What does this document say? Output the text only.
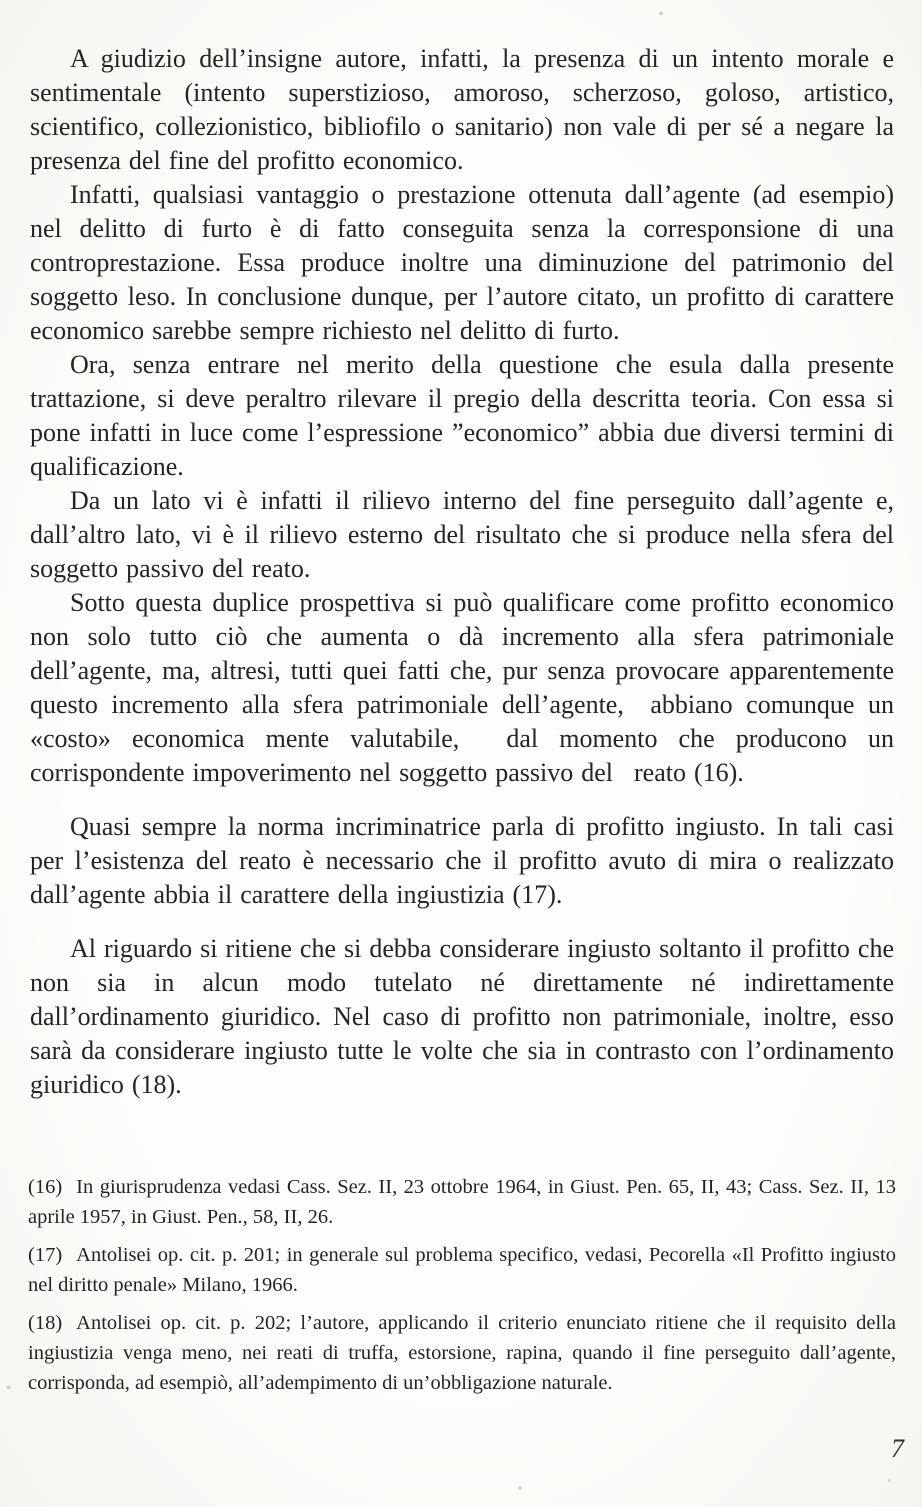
A giudizio dell’insigne autore, infatti, la presenza di un intento morale e sentimentale (intento superstizioso, amoroso, scherzoso, goloso, artistico, scientifico, collezionistico, bibliofilo o sanitario) non vale di per sé a negare la presenza del fine del profitto economico.

Infatti, qualsiasi vantaggio o prestazione ottenuta dall’agente (ad esempio) nel delitto di furto è di fatto conseguita senza la corresponsione di una controprestazione. Essa produce inoltre una diminuzione del patrimonio del soggetto leso. In conclusione dunque, per l’autore citato, un profitto di carattere economico sarebbe sempre richiesto nel delitto di furto.

Ora, senza entrare nel merito della questione che esula dalla presente trattazione, si deve peraltro rilevare il pregio della descritta teoria. Con essa si pone infatti in luce come l’espressione ”economico” abbia due diversi termini di qualificazione.

Da un lato vi è infatti il rilievo interno del fine perseguito dall’agente e, dall’altro lato, vi è il rilievo esterno del risultato che si produce nella sfera del soggetto passivo del reato.

Sotto questa duplice prospettiva si può qualificare come profitto economico non solo tutto ciò che aumenta o dà incremento alla sfera patrimoniale dell’agente, ma, altresi, tutti quei fatti che, pur senza provocare apparentemente questo incremento alla sfera patrimoniale dell’agente,  abbiano comunque un «costo» economica mente valutabile,  dal momento che producono un corrispondente impoverimento nel soggetto passivo del  reato (16).

Quasi sempre la norma incriminatrice parla di profitto ingiusto. In tali casi per l’esistenza del reato è necessario che il profitto avuto di mira o realizzato dall’agente abbia il carattere della ingiustizia (17).

Al riguardo si ritiene che si debba considerare ingiusto soltanto il profitto che non sia in alcun modo tutelato né direttamente né indirettamente dall’ordinamento giuridico. Nel caso di profitto non patrimoniale, inoltre, esso sarà da considerare ingiusto tutte le volte che sia in contrasto con l’ordinamento giuridico (18).

(16) In giurisprudenza vedasi Cass. Sez. II, 23 ottobre 1964, in Giust. Pen. 65, II, 43; Cass. Sez. II, 13 aprile 1957, in Giust. Pen., 58, II, 26.

(17) Antolisei op. cit. p. 201; in generale sul problema specifico, vedasi, Pecorella «Il Profitto ingiusto nel diritto penale» Milano, 1966.

(18) Antolisei op. cit. p. 202; l’autore, applicando il criterio enunciato ritiene che il requisito della ingiustizia venga meno, nei reati di truffa, estorsione, rapina, quando il fine perseguito dall’agente, corrisponda, ad esempiò, all’adempimento di un’obbligazione naturale.

7
